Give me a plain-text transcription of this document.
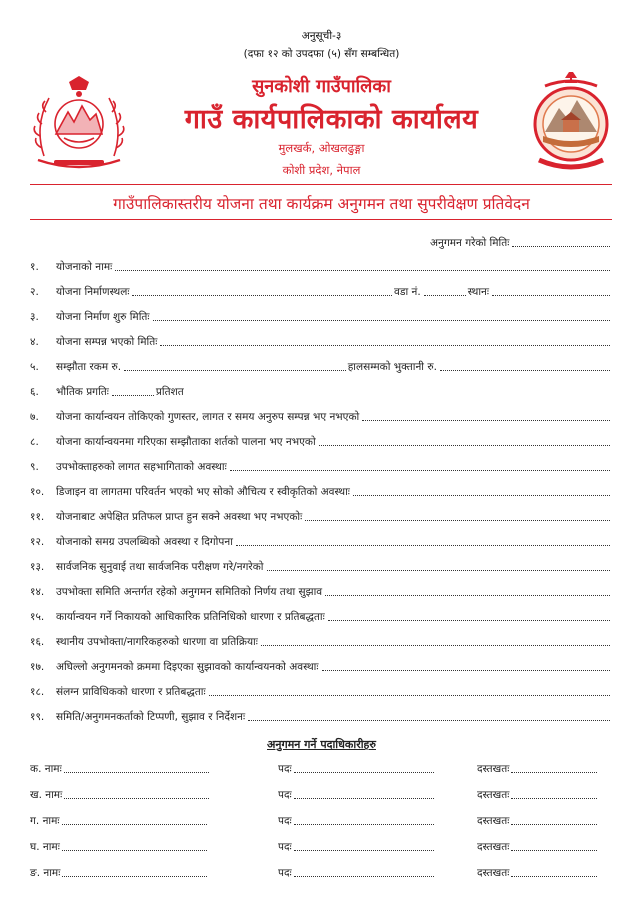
अनुसूची-३
(दफा १२ को उपदफा (५) सँग सम्बन्धित)
सुनकोशी गाउँपालिका
गाउँ कार्यपालिकाको कार्यालय
मुलखर्क, ओखलढुङ्गा
कोशी प्रदेश, नेपाल
गाउँपालिकास्तरीय योजना तथा कार्यक्रम अनुगमन तथा सुपरीवेक्षण प्रतिवेदन
अनुगमन गरेको मितिः
१.	योजनाको नामः
२.	योजना निर्माणस्थलः	वडा नं.	स्थानः
३.	योजना निर्माण शुरु मितिः
४.	योजना सम्पन्न भएको मितिः
५.	सम्झौता रकम रु.	हालसम्मको भुक्तानी रु.
६.	भौतिक प्रगतिः	प्रतिशत
७.	योजना कार्यान्वयन तोकिएको गुणस्तर, लागत र समय अनुरुप सम्पन्न भए नभएको
८.	योजना कार्यान्वयनमा गरिएका सम्झौताका शर्तको पालना भए नभएको
९.	उपभोक्ताहरुको लागत सहभागिताको अवस्थाः
१०.	डिजाइन वा लागतमा परिवर्तन भएको भए सोको औचित्य र स्वीकृतिको अवस्थाः
११.	योजनाबाट अपेक्षित प्रतिफल प्राप्त हुन सक्ने अवस्था भए नभएकोः
१२.	योजनाको समग्र उपलब्धिको अवस्था र दिगोपना
१३.	सार्वजनिक सुनुवाई तथा सार्वजनिक परीक्षण गरे/नगरेको
१४.	उपभोक्ता समिति अन्तर्गत रहेको अनुगमन समितिको निर्णय तथा सुझाव
१५.	कार्यान्वयन गर्ने निकायको आधिकारिक प्रतिनिधिको धारणा र प्रतिबद्धताः
१६.	स्थानीय उपभोक्ता/नागरिकहरुको धारणा वा प्रतिक्रियाः
१७.	अघिल्लो अनुगमनको क्रममा दिइएका सुझावको कार्यान्वयनको अवस्थाः
१८.	संलग्न प्राविधिकको धारणा र प्रतिबद्धताः
१९.	समिति/अनुगमनकर्ताको टिप्पणी, सुझाव र निर्देशनः
अनुगमन गर्ने पदाधिकारीहरु
क. नामः	पदः	दस्तखतः
ख. नामः	पदः	दस्तखतः
ग. नामः	पदः	दस्तखतः
घ. नामः	पदः	दस्तखतः
ङ. नामः	पदः	दस्तखतः
